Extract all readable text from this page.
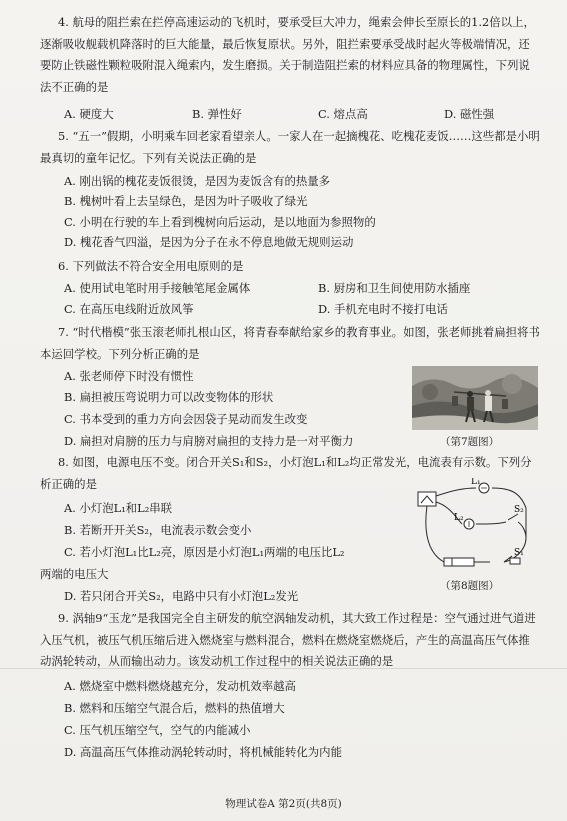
4. 航母的阻拦索在拦停高速运动的飞机时，要承受巨大冲力，绳索会伸长至原长的1.2倍以上，逐渐吸收舰载机降落时的巨大能量，最后恢复原状。另外，阻拦索要承受战时起火等极端情况，还要防止铁磁性颗粒吸附混入绳索内，发生磨损。关于制造阻拦索的材料应具备的物理属性，下列说法不正确的是

A. 硬度大	B. 弹性好	C. 熔点高	D. 磁性强

5. “五一”假期，小明乘车回老家看望亲人。一家人在一起摘槐花、吃槐花麦饭……这些都是小明最真切的童年记忆。下列有关说法正确的是

A. 刚出锅的槐花麦饭很烫，是因为麦饭含有的热量多
B. 槐树叶看上去呈绿色，是因为叶子吸收了绿光
C. 小明在行驶的车上看到槐树向后运动，是以地面为参照物的
D. 槐花香气四溢，是因为分子在永不停息地做无规则运动
6. 下列做法不符合安全用电原则的是
A. 使用试电笔时用手接触笔尾金属体	B. 厨房和卫生间使用防水插座
C. 在高压电线附近放风筝	D. 手机充电时不接打电话

7. “时代楷模”张玉滚老师扎根山区，将青春奉献给家乡的教育事业。如图，张老师挑着扁担将书本运回学校。下列分析正确的是

A. 张老师停下时没有惯性
B. 扁担被压弯说明力可以改变物体的形状
C. 书本受到的重力方向会因袋子晃动而发生改变
D. 扁担对肩膀的压力与肩膀对扁担的支持力是一对平衡力	（第7题图）

8. 如图，电源电压不变。闭合开关S₁和S₂，小灯泡L₁和L₂均正常发光，电流表有示数。下列分析正确的是

A. 小灯泡L₁和L₂串联
B. 若断开开关S₂，电流表示数会变小
C. 若小灯泡L₁比L₂亮，原因是小灯泡L₁两端的电压比L₂
两端的电压大
D. 若只闭合开关S₂，电路中只有小灯泡L₂发光
L₁
L₂
S₂
S₁
（第8题图）

9. 涡轴9“玉龙”是我国完全自主研发的航空涡轴发动机，其大致工作过程是：空气通过进气道进入压气机，被压气机压缩后进入燃烧室与燃料混合，燃料在燃烧室燃烧后，产生的高温高压气体推动涡轮转动，从而输出动力。该发动机工作过程中的相关说法正确的是

A. 燃烧室中燃料燃烧越充分，发动机效率越高
B. 燃料和压缩空气混合后，燃料的热值增大
C. 压气机压缩空气，空气的内能减小
D. 高温高压气体推动涡轮转动时，将机械能转化为内能
物理试卷A 第2页(共8页)
